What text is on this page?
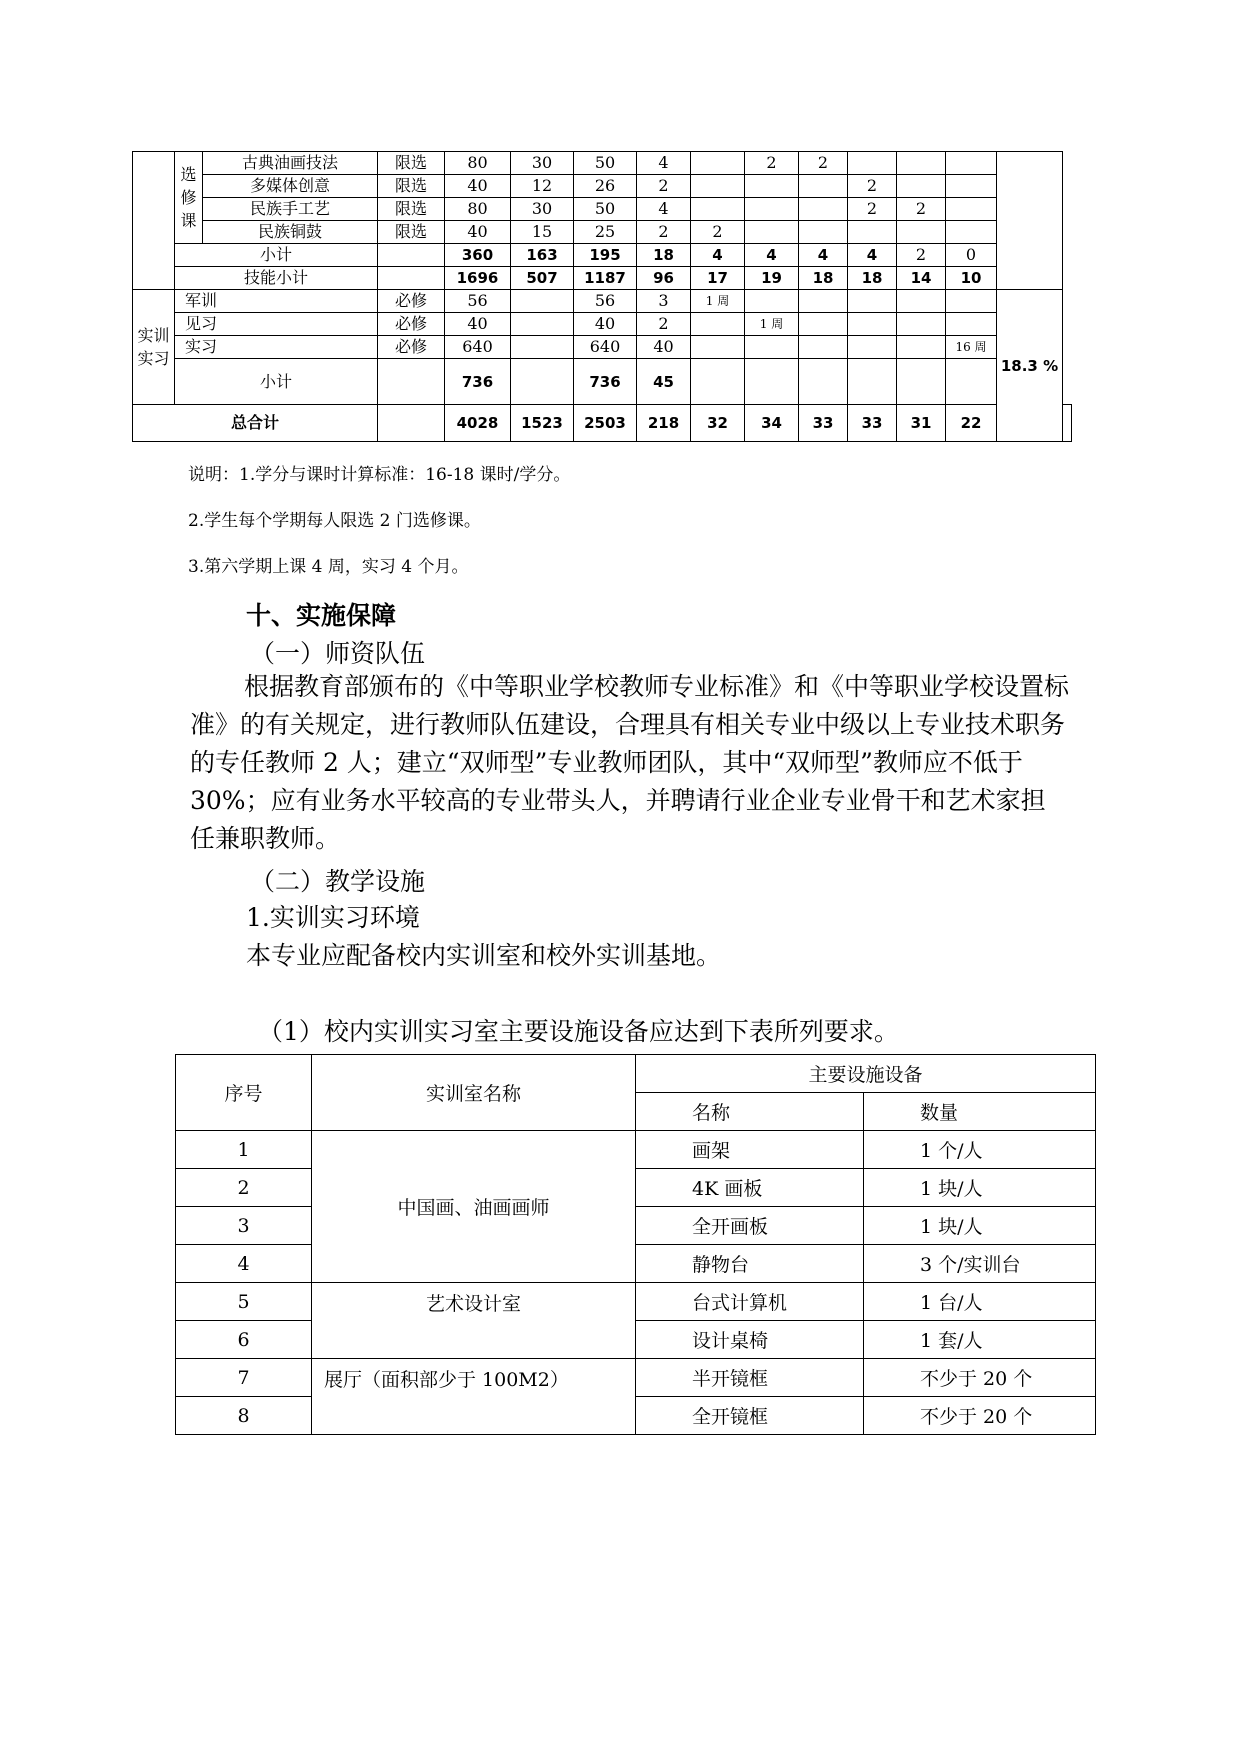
	选修课	古典油画技法	限选	80	30	50	4		2	2					
		多媒体创意	限选	40	12	26	2				2				
		民族手工艺	限选	80	30	50	4				2	2			
		民族铜鼓	限选	40	15	25	2	2							
	小计			360	163	195	18	4	4	4	4	2	0		
	技能小计			1696	507	1187	96	17	19	18	18	14	10		
实训实习	军训		必修	56		56	3	1 周						18.3 %	
	见习		必修	40		40	2		1 周						
	实习		必修	640		640	40						16 周		
	小计			736		736	45								
总合计				4028	1523	2503	218	32	34	33	33	31	22		
说明：1.学分与课时计算标准：16-18 课时/学分。
2.学生每个学期每人限选 2 门选修课。
3.第六学期上课 4 周，实习 4 个月。
十、实施保障
（一）师资队伍
根据教育部颁布的《中等职业学校教师专业标准》和《中等职业学校设置标准》的有关规定，进行教师队伍建设，合理具有相关专业中级以上专业技术职务的专任教师 2 人；建立“双师型”专业教师团队，其中“双师型”教师应不低于 30%；应有业务水平较高的专业带头人，并聘请行业企业专业骨干和艺术家担任兼职教师。
（二）教学设施
1.实训实习环境
本专业应配备校内实训室和校外实训基地。
（1）校内实训实习室主要设施设备应达到下表所列要求。
序号	实训室名称	主要设施设备	
		名称	数量
1	中国画、油画画师	画架	1 个/人
2		4K 画板	1 块/人
3		全开画板	1 块/人
4		静物台	3 个/实训台
5	艺术设计室	台式计算机	1 台/人
6		设计桌椅	1 套/人
7	展厅（面积部少于 100M2）	半开镜框	不少于 20 个
8		全开镜框	不少于 20 个
